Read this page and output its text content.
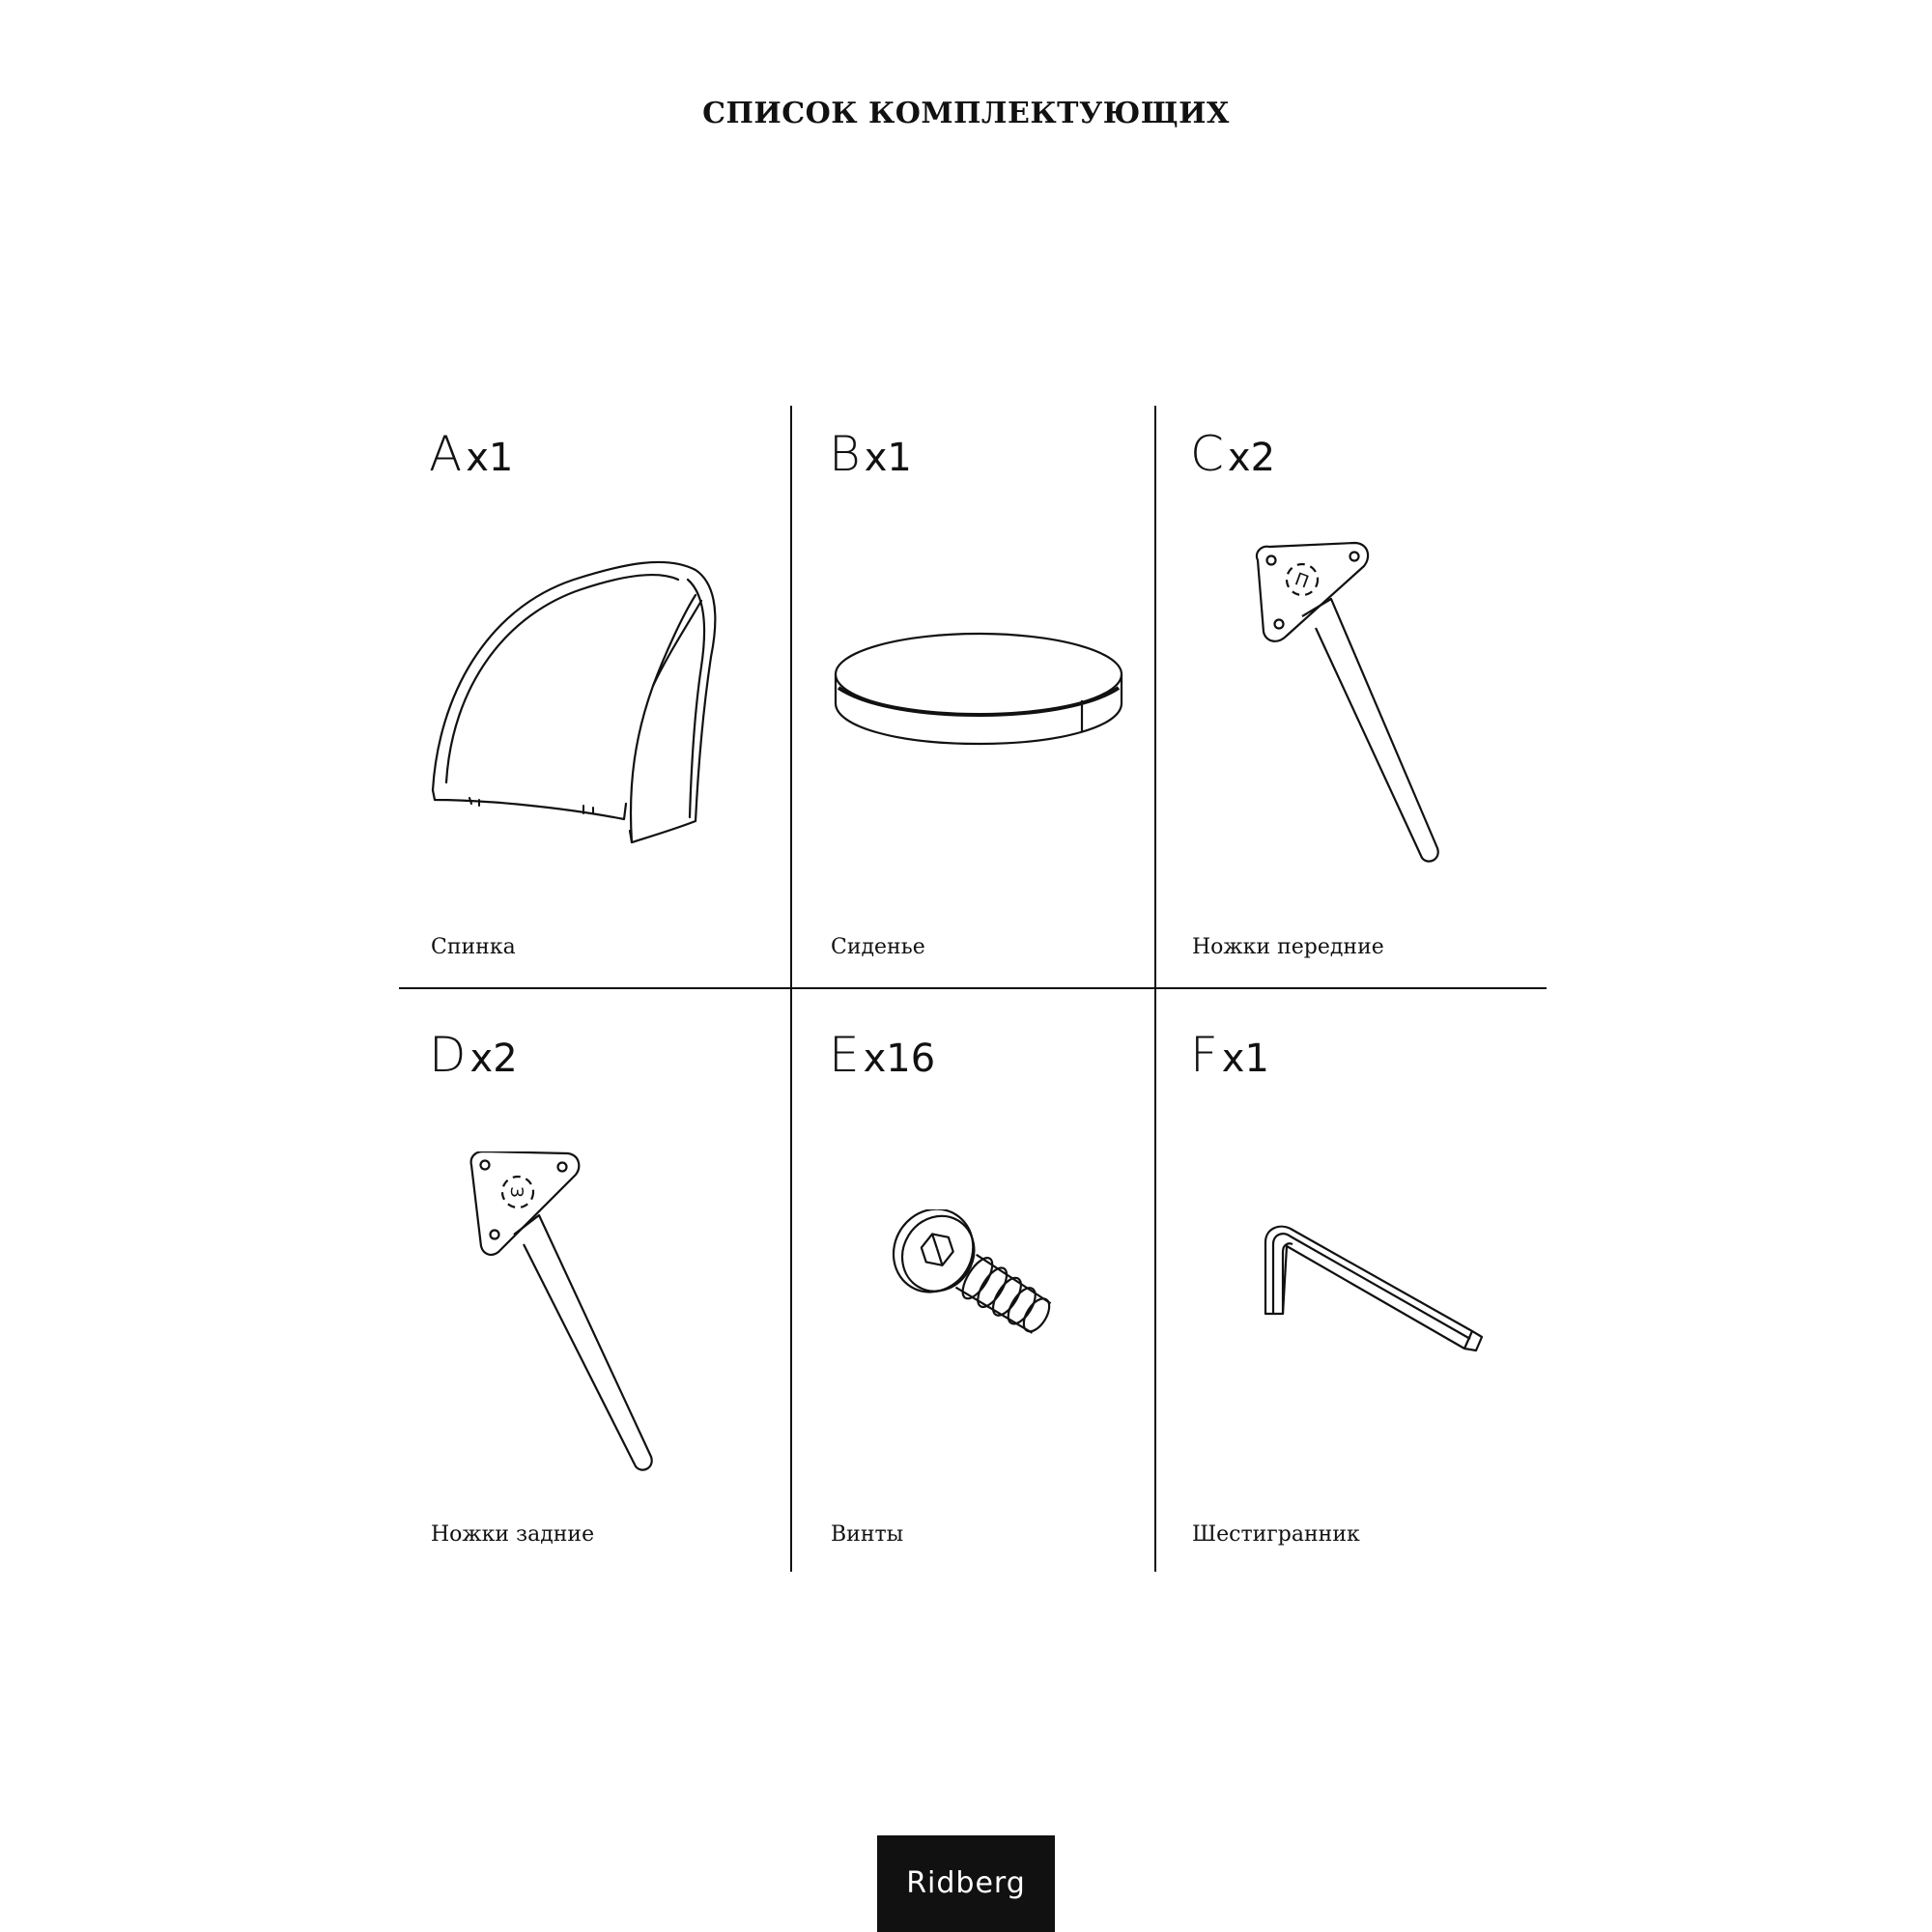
СПИСОК КОМПЛЕКТУЮЩИХ
A x1
Спинка
B x1
Сиденье
C x2
П
Ножки передние
D x2
З
Ножки задние
E x16
Винты
F x1
Шестигранник
Ridberg
